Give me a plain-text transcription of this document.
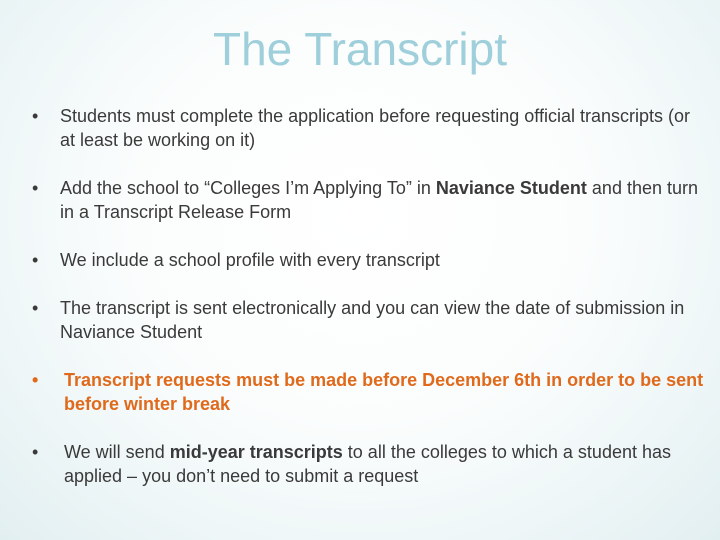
The Transcript
•	Students must complete the application before requesting official transcripts (or at least be working on it)
•	Add the school to “Colleges I’m Applying To” in Naviance Student and then turn in a Transcript Release Form
•	We include a school profile with every transcript
•	The transcript is sent electronically and you can view the date of submission in Naviance Student
•	Transcript requests must be made before December 6th in order to be sent before winter break
•	We will send mid-year transcripts to all the colleges to which a student has applied – you don’t need to submit a request
